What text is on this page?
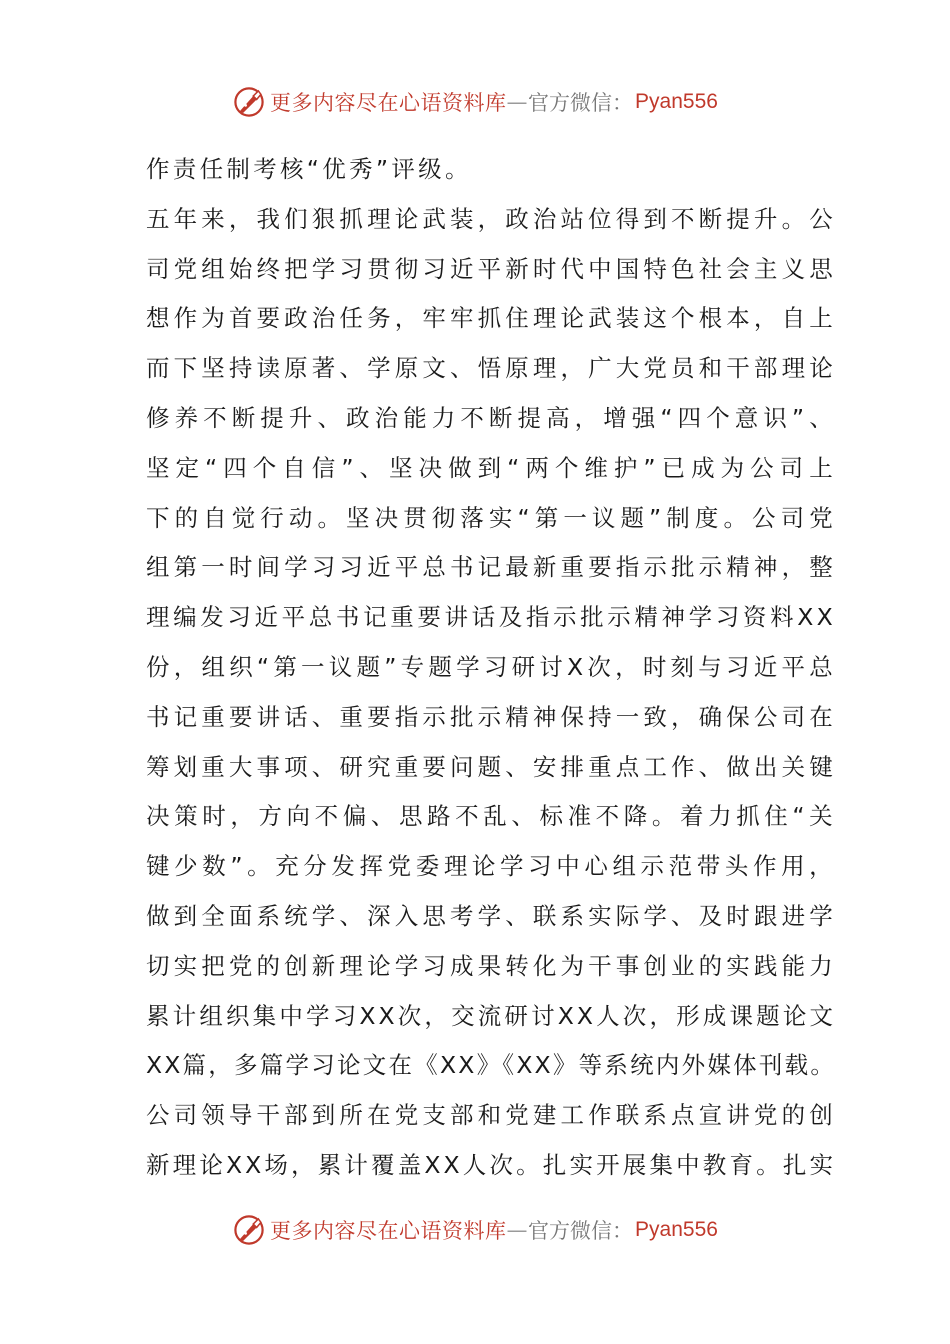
更多内容尽在心语资料库 — 官方微信： Pyan556
作责任制考核“优秀”评级。
五年来，我们狠抓理论武装，政治站位得到不断提升。公
司党组始终把学习贯彻习近平新时代中国特色社会主义思
想作为首要政治任务，牢牢抓住理论武装这个根本，自上
而下坚持读原著、学原文、悟原理，广大党员和干部理论
修养不断提升、政治能力不断提高，增强“四个意识”、
坚定“四个自信”、坚决做到“两个维护”已成为公司上
下的自觉行动。坚决贯彻落实“第一议题”制度。公司党
组第一时间学习习近平总书记最新重要指示批示精神，整
理编发习近平总书记重要讲话及指示批示精神学习资料XX
份，组织“第一议题”专题学习研讨X次，时刻与习近平总
书记重要讲话、重要指示批示精神保持一致，确保公司在
筹划重大事项、研究重要问题、安排重点工作、做出关键
决策时，方向不偏、思路不乱、标准不降。着力抓住“关
键少数”。充分发挥党委理论学习中心组示范带头作用，
做到全面系统学、深入思考学、联系实际学、及时跟进学
切实把党的创新理论学习成果转化为干事创业的实践能力
累计组织集中学习XX次，交流研讨XX人次，形成课题论文
XX篇，多篇学习论文在《XX》《XX》等系统内外媒体刊载。
公司领导干部到所在党支部和党建工作联系点宣讲党的创
新理论XX场，累计覆盖XX人次。扎实开展集中教育。扎实
更多内容尽在心语资料库 — 官方微信： Pyan556
